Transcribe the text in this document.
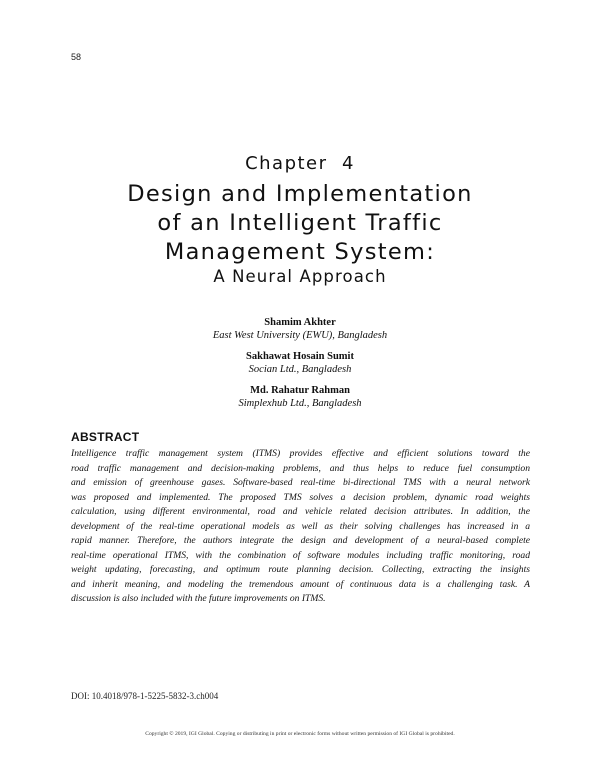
58
Chapter  4
Design and Implementation
of an Intelligent Traffic
Management System:
A Neural Approach
Shamim Akhter
East West University (EWU), Bangladesh
Sakhawat Hosain Sumit
Socian Ltd., Bangladesh
Md. Rahatur Rahman
Simplexhub Ltd., Bangladesh
ABSTRACT
Intelligence traffic management system (ITMS) provides effective and efficient solutions toward the
road traffic management and decision-making problems, and thus helps to reduce fuel consumption
and emission of greenhouse gases. Software-based real-time bi-directional TMS with a neural network
was proposed and implemented. The proposed TMS solves a decision problem, dynamic road weights
calculation, using different environmental, road and vehicle related decision attributes. In addition, the
development of the real-time operational models as well as their solving challenges has increased in a
rapid manner. Therefore, the authors integrate the design and development of a neural-based complete
real-time operational ITMS, with the combination of software modules including traffic monitoring, road
weight updating, forecasting, and optimum route planning decision. Collecting, extracting the insights
and inherit meaning, and modeling the tremendous amount of continuous data is a challenging task. A
discussion is also included with the future improvements on ITMS.
DOI: 10.4018/978-1-5225-5832-3.ch004
Copyright © 2019, IGI Global. Copying or distributing in print or electronic forms without written permission of IGI Global is prohibited.
